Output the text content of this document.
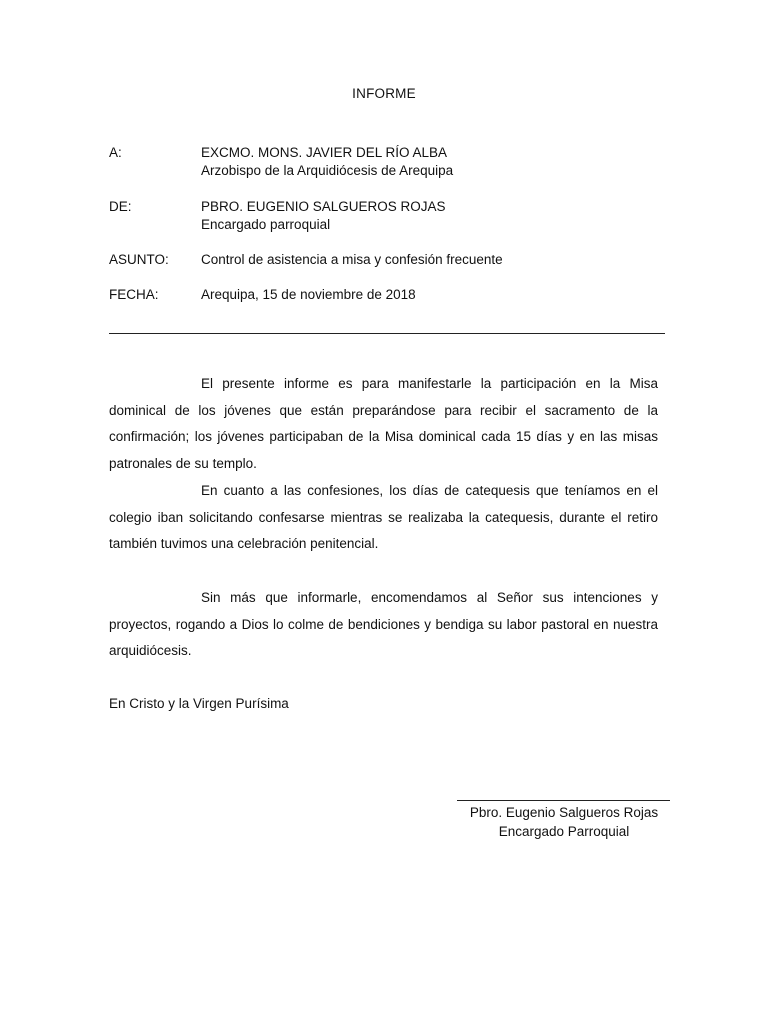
INFORME
A:	EXCMO. MONS. JAVIER DEL RÍO ALBA
Arzobispo de la Arquidiócesis de Arequipa
DE:	PBRO. EUGENIO SALGUEROS ROJAS
Encargado parroquial
ASUNTO:	Control de asistencia a misa y confesión frecuente
FECHA:	Arequipa, 15 de noviembre de 2018
El presente informe es para manifestarle la participación en la Misa dominical de los jóvenes que están preparándose para recibir el sacramento de la confirmación; los jóvenes participaban de la Misa dominical cada 15 días y en las misas patronales de su templo.
En cuanto a las confesiones, los días de catequesis que teníamos en el colegio iban solicitando confesarse mientras se realizaba la catequesis, durante el retiro también tuvimos una celebración penitencial.
Sin más que informarle, encomendamos al Señor sus intenciones y proyectos, rogando a Dios lo colme de bendiciones y bendiga su labor pastoral en nuestra arquidiócesis.
En Cristo y la Virgen Purísima
Pbro. Eugenio Salgueros Rojas
Encargado Parroquial
